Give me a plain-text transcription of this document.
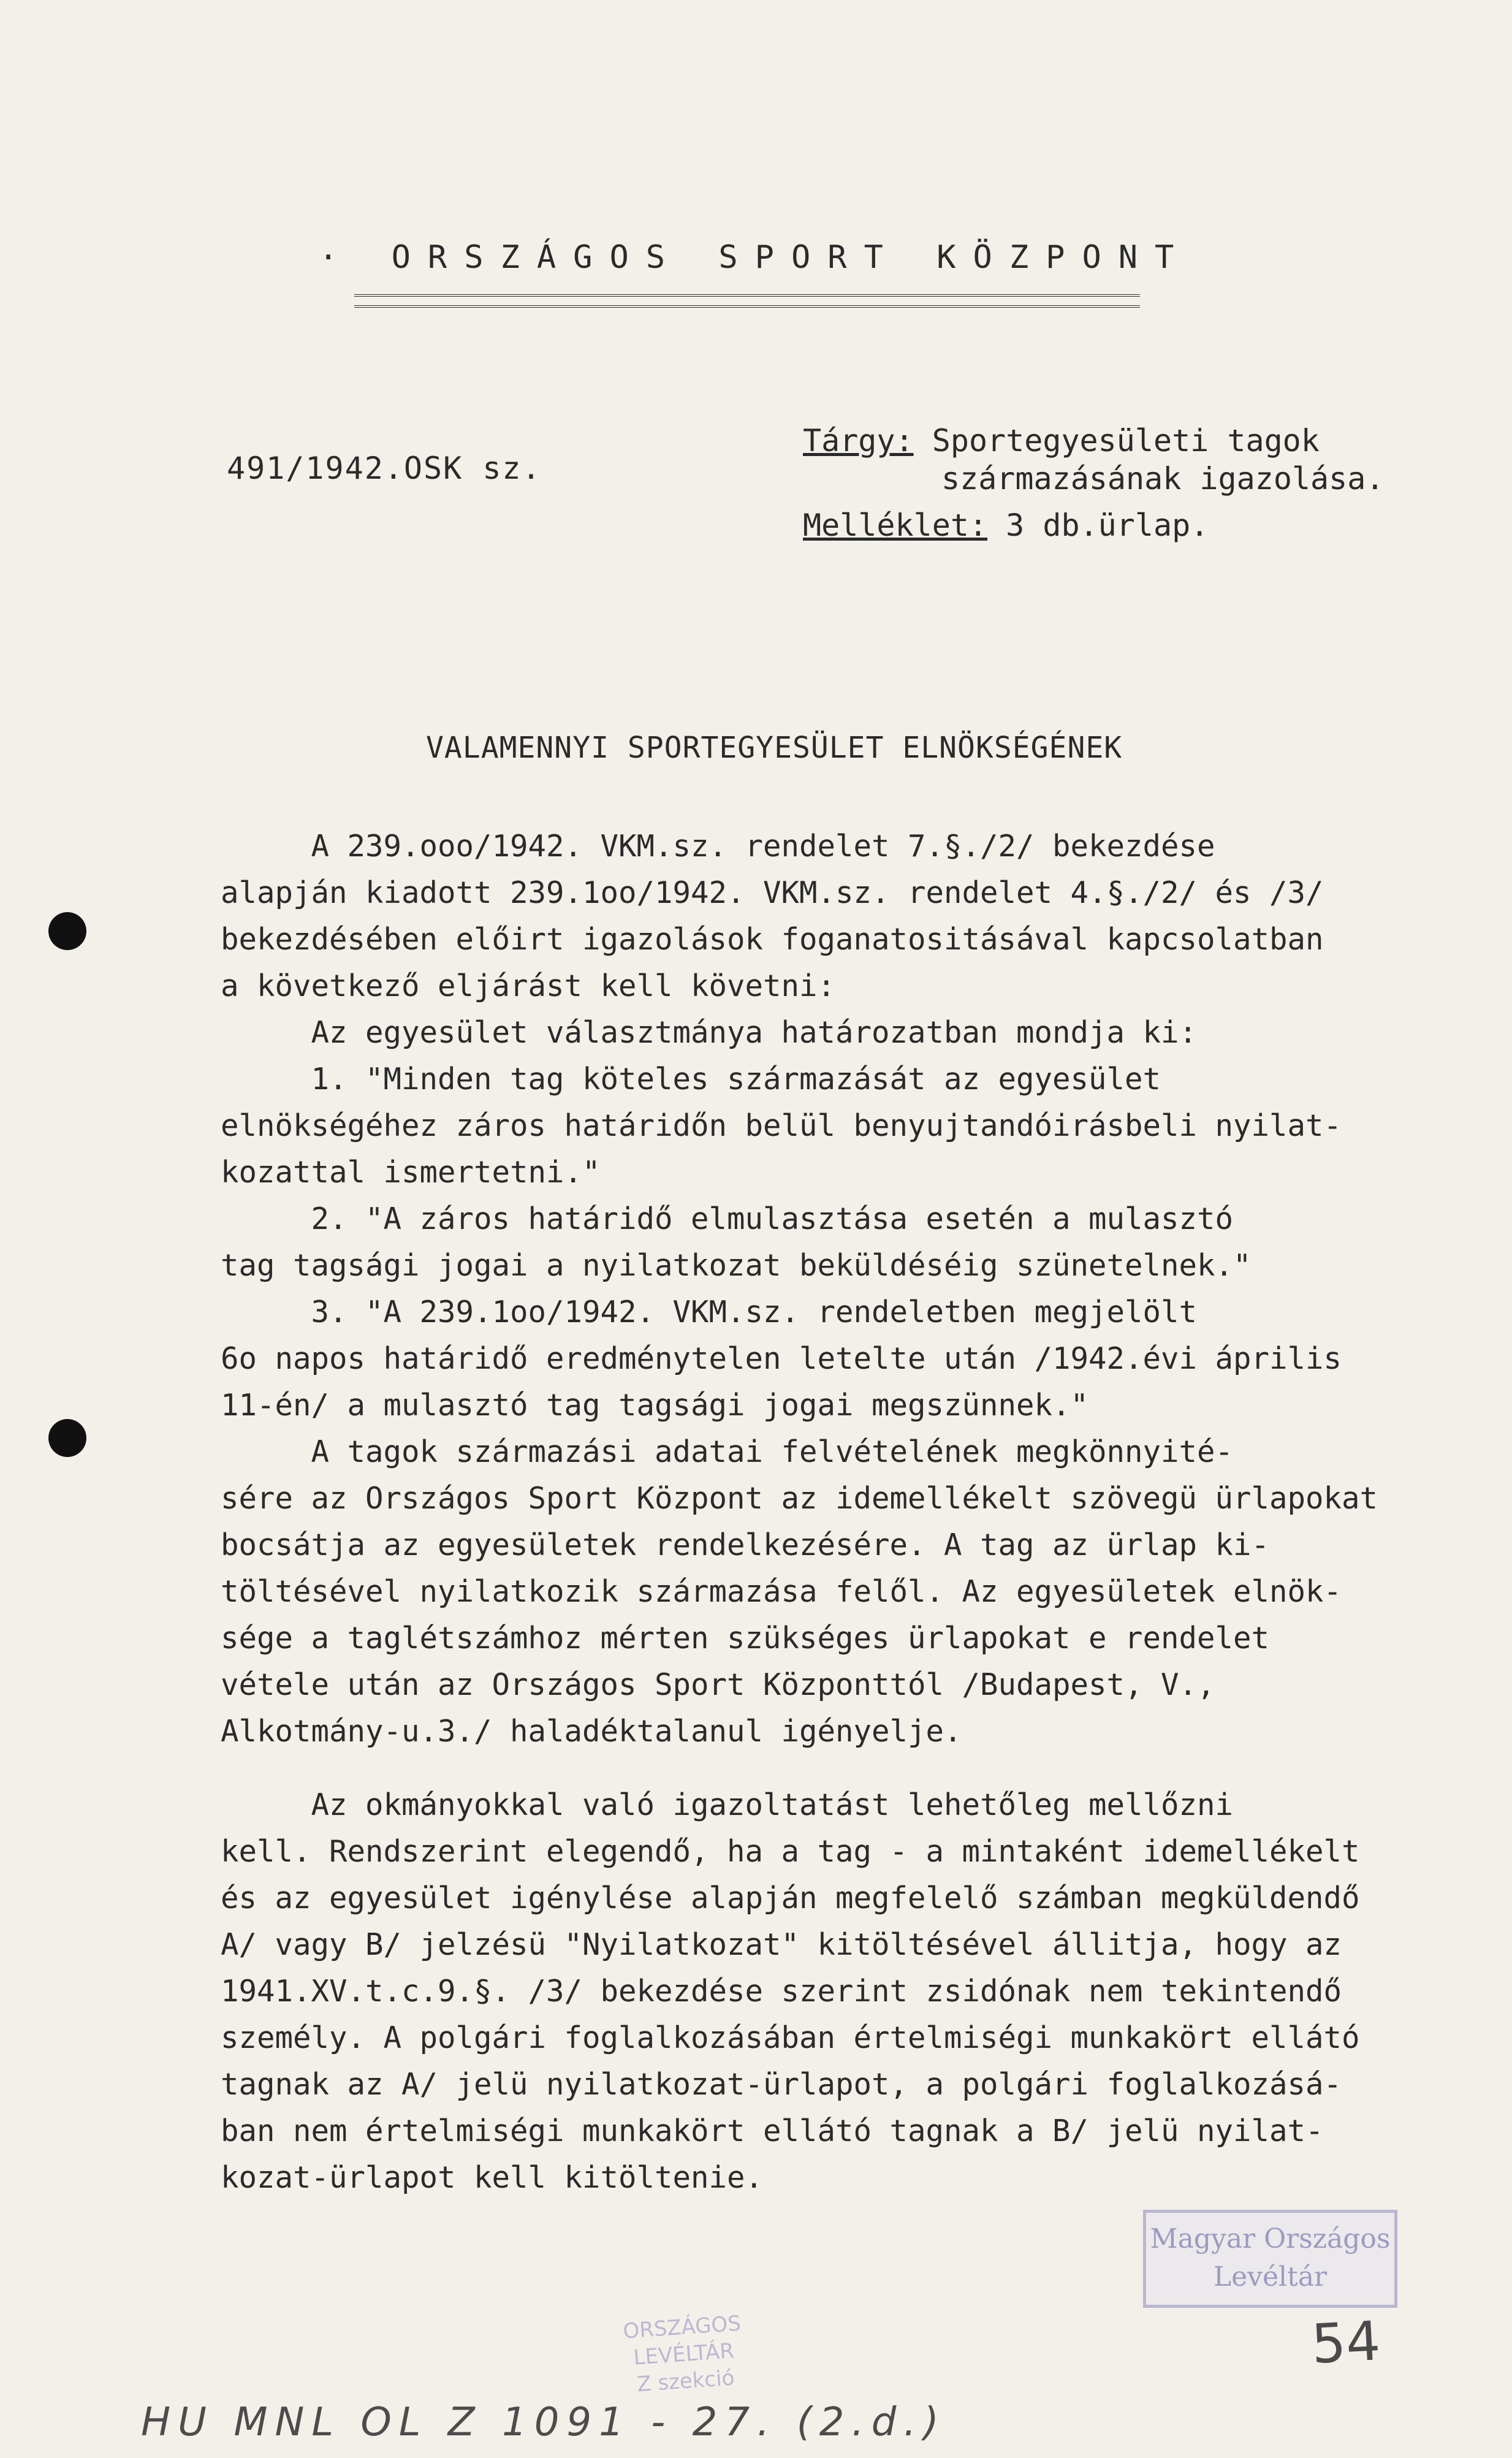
· ORSZÁGOS SPORT KÖZPONT
491/1942.OSK sz.
Tárgy: Sportegyesületi tagok
származásának igazolása.
Melléklet: 3 db.ürlap.
VALAMENNYI SPORTEGYESÜLET ELNÖKSÉGÉNEK
A 239.ooo/1942. VKM.sz. rendelet 7.§./2/ bekezdése
alapján kiadott 239.1oo/1942. VKM.sz. rendelet 4.§./2/ és /3/
bekezdésében előirt igazolások foganatositásával kapcsolatban
a következő eljárást kell követni:
Az egyesület választmánya határozatban mondja ki:
1. "Minden tag köteles származását az egyesület
elnökségéhez záros határidőn belül benyujtandóirásbeli nyilat-
kozattal ismertetni."
2. "A záros határidő elmulasztása esetén a mulasztó
tag tagsági jogai a nyilatkozat beküldéséig szünetelnek."
3. "A 239.1oo/1942. VKM.sz. rendeletben megjelölt
6o napos határidő eredménytelen letelte után /1942.évi április
11-én/ a mulasztó tag tagsági jogai megszünnek."
A tagok származási adatai felvételének megkönnyité-
sére az Országos Sport Központ az idemellékelt szövegü ürlapokat
bocsátja az egyesületek rendelkezésére. A tag az ürlap ki-
töltésével nyilatkozik származása felől. Az egyesületek elnök-
sége a taglétszámhoz mérten szükséges ürlapokat e rendelet
vétele után az Országos Sport Központtól /Budapest, V.,
Alkotmány-u.3./ haladéktalanul igényelje.
Az okmányokkal való igazoltatást lehetőleg mellőzni
kell. Rendszerint elegendő, ha a tag - a mintaként idemellékelt
és az egyesület igénylése alapján megfelelő számban megküldendő
A/ vagy B/ jelzésü "Nyilatkozat" kitöltésével állitja, hogy az
1941.XV.t.c.9.§. /3/ bekezdése szerint zsidónak nem tekintendő
személy. A polgári foglalkozásában értelmiségi munkakört ellátó
tagnak az A/ jelü nyilatkozat-ürlapot, a polgári foglalkozásá-
ban nem értelmiségi munkakört ellátó tagnak a B/ jelü nyilat-
kozat-ürlapot kell kitöltenie.
Magyar Országos
Levéltár
ORSZÁGOS LEVÉLTÁR
Z szekció
54
HU MNL OL Z 1091 - 27. (2.d.)
